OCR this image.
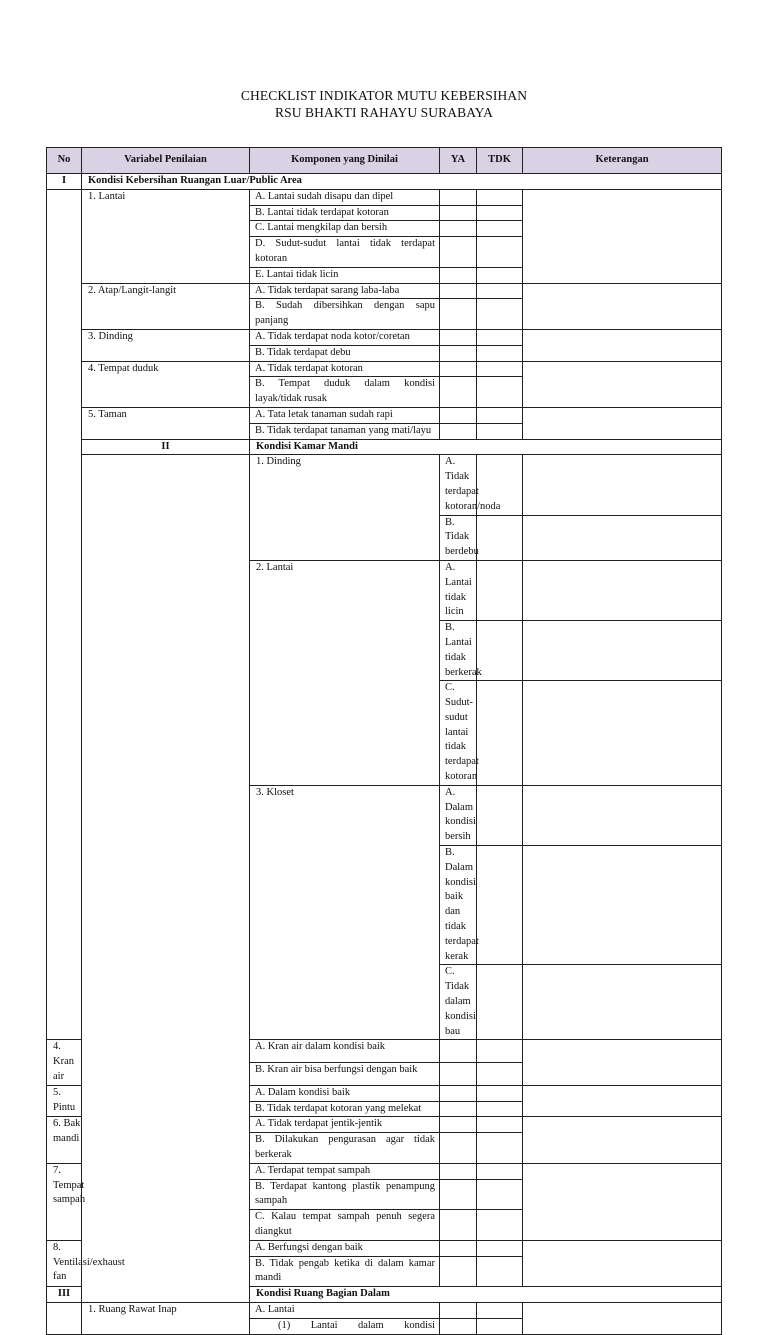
CHECKLIST INDIKATOR MUTU KEBERSIHAN
RSU BHAKTI RAHAYU SURABAYA
No	Variabel Penilaian	Komponen yang Dinilai	YA	TDK	Keterangan	
I	Kondisi Kebersihan Ruangan Luar/Public Area					
	1. Lantai	A. Lantai sudah disapu dan dipel				
		B. Lantai tidak terdapat kotoran				
		C. Lantai mengkilap dan bersih				
		D. Sudut-sudut lantai tidak terdapat kotoran				
		E. Lantai tidak licin				
	2. Atap/Langit-langit	A. Tidak terdapat sarang laba-laba				
		B. Sudah dibersihkan dengan sapu panjang				
	3. Dinding	A. Tidak terdapat noda kotor/coretan				
		B. Tidak terdapat debu				
	4. Tempat duduk	A. Tidak terdapat kotoran				
		B. Tempat duduk dalam kondisi layak/tidak rusak				
	5. Taman	A. Tata letak tanaman sudah rapi				
		B. Tidak terdapat tanaman yang mati/layu				
	II	Kondisi Kamar Mandi				
		1. Dinding	A. Tidak terdapat kotoran/noda			
			B. Tidak berdebu			
		2. Lantai	A. Lantai tidak licin			
			B. Lantai tidak berkerak			
			C. Sudut-sudut lantai tidak terdapat kotoran			
		3. Kloset	A. Dalam kondisi bersih			
			B. Dalam kondisi baik dan tidak terdapat kerak			
			C. Tidak dalam kondisi bau			
4. Kran air		A. Kran air dalam kondisi baik				
		B. Kran air bisa berfungsi dengan baik				
5. Pintu		A. Dalam kondisi baik				
		B. Tidak terdapat kotoran yang melekat				
6. Bak mandi		A. Tidak terdapat jentik-jentik				
		B. Dilakukan pengurasan agar tidak berkerak				
7. Tempat sampah		A. Terdapat tempat sampah				
		B. Terdapat kantong plastik penampung sampah				
		C. Kalau tempat sampah penuh segera diangkut				
8. Ventilasi/exhaust fan		A. Berfungsi dengan baik				
		B. Tidak pengab ketika di dalam kamar mandi				
III		Kondisi Ruang Bagian Dalam				
	1. Ruang Rawat Inap	A. Lantai				
		(1) Lantai dalam kondisi				
